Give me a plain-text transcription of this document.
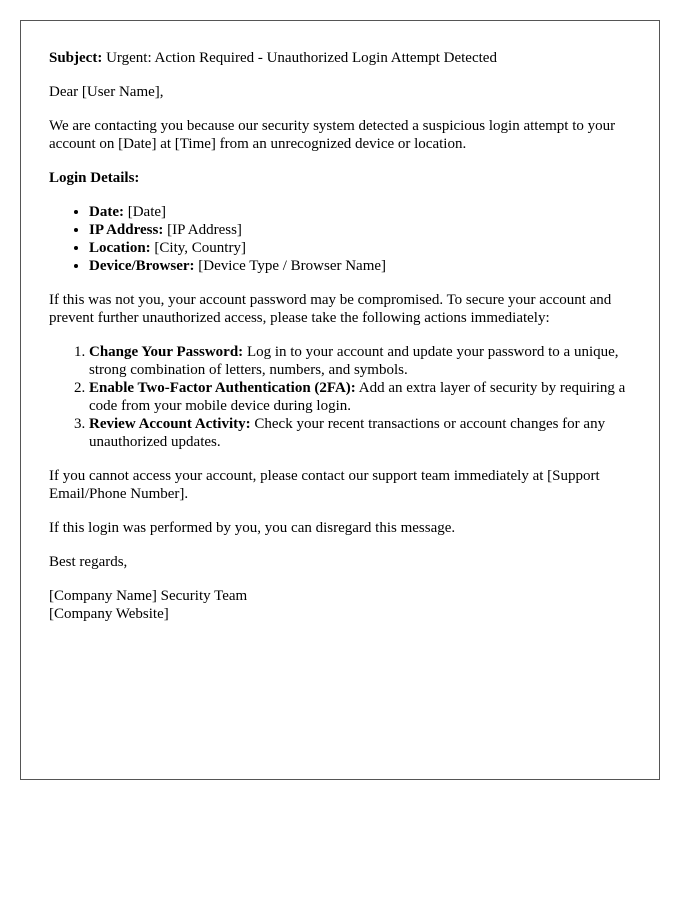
Subject: Urgent: Action Required - Unauthorized Login Attempt Detected

Dear [User Name],

We are contacting you because our security system detected a suspicious login attempt to your account on [Date] at [Time] from an unrecognized device or location.

Login Details:

• Date: [Date]
• IP Address: [IP Address]
• Location: [City, Country]
• Device/Browser: [Device Type / Browser Name]

If this was not you, your account password may be compromised. To secure your account and prevent further unauthorized access, please take the following actions immediately:

1. Change Your Password: Log in to your account and update your password to a unique, strong combination of letters, numbers, and symbols.
2. Enable Two-Factor Authentication (2FA): Add an extra layer of security by requiring a code from your mobile device during login.
3. Review Account Activity: Check your recent transactions or account changes for any unauthorized updates.

If you cannot access your account, please contact our support team immediately at [Support Email/Phone Number].

If this login was performed by you, you can disregard this message.

Best regards,

[Company Name] Security Team

[Company Website]
